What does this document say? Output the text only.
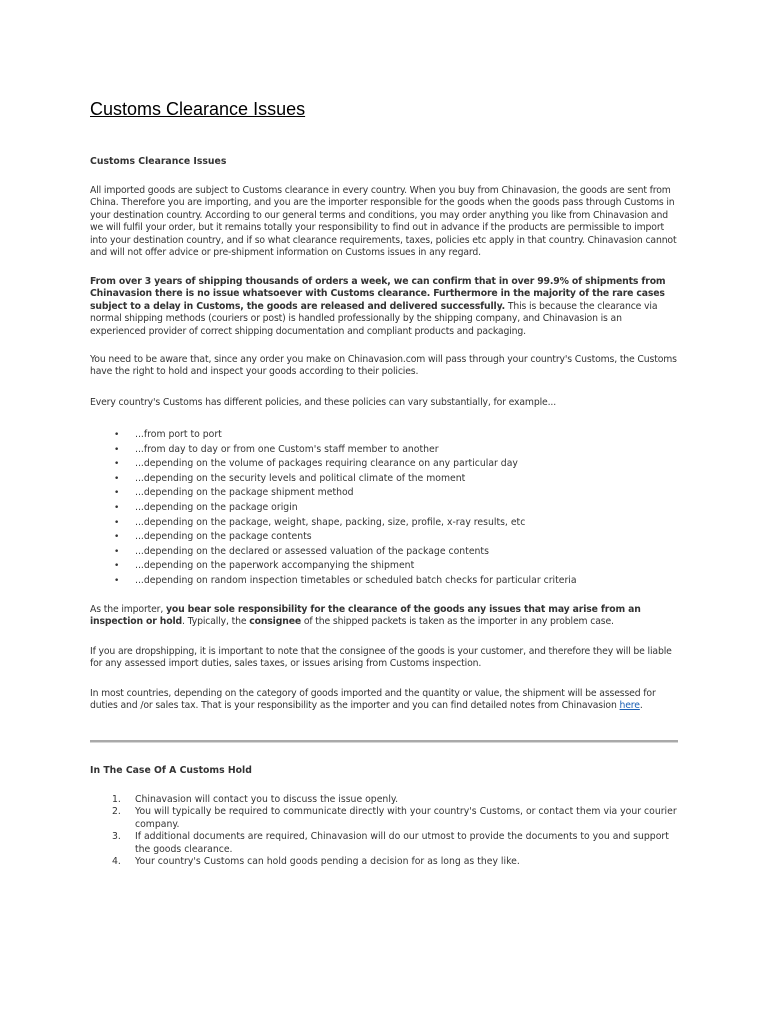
Customs Clearance Issues
Customs Clearance Issues

All imported goods are subject to Customs clearance in every country. When you buy from Chinavasion, the goods are sent from China. Therefore you are importing, and you are the importer responsible for the goods when the goods pass through Customs in your destination country. According to our general terms and conditions, you may order anything you like from Chinavasion and we will fulfil your order, but it remains totally your responsibility to find out in advance if the products are permissible to import into your destination country, and if so what clearance requirements, taxes, policies etc apply in that country. Chinavasion cannot and will not offer advice or pre-shipment information on Customs issues in any regard.

From over 3 years of shipping thousands of orders a week, we can confirm that in over 99.9% of shipments from Chinavasion there is no issue whatsoever with Customs clearance. Furthermore in the majority of the rare cases subject to a delay in Customs, the goods are released and delivered successfully. This is because the clearance via normal shipping methods (couriers or post) is handled professionally by the shipping company, and Chinavasion is an experienced provider of correct shipping documentation and compliant products and packaging.

You need to be aware that, since any order you make on Chinavasion.com will pass through your country's Customs, the Customs have the right to hold and inspect your goods according to their policies.

Every country's Customs has different policies, and these policies can vary substantially, for example...

• ...from port to port
• ...from day to day or from one Custom's staff member to another
• ...depending on the volume of packages requiring clearance on any particular day
• ...depending on the security levels and political climate of the moment
• ...depending on the package shipment method
• ...depending on the package origin
• ...depending on the package, weight, shape, packing, size, profile, x-ray results, etc
• ...depending on the package contents
• ...depending on the declared or assessed valuation of the package contents
• ...depending on the paperwork accompanying the shipment
• ...depending on random inspection timetables or scheduled batch checks for particular criteria

As the importer, you bear sole responsibility for the clearance of the goods any issues that may arise from an inspection or hold. Typically, the consignee of the shipped packets is taken as the importer in any problem case.

If you are dropshipping, it is important to note that the consignee of the goods is your customer, and therefore they will be liable for any assessed import duties, sales taxes, or issues arising from Customs inspection.

In most countries, depending on the category of goods imported and the quantity or value, the shipment will be assessed for duties and /or sales tax. That is your responsibility as the importer and you can find detailed notes from Chinavasion here.

In The Case Of A Customs Hold
1. Chinavasion will contact you to discuss the issue openly.
2. You will typically be required to communicate directly with your country's Customs, or contact them via your courier company.
3. If additional documents are required, Chinavasion will do our utmost to provide the documents to you and support the goods clearance.
4. Your country's Customs can hold goods pending a decision for as long as they like.
